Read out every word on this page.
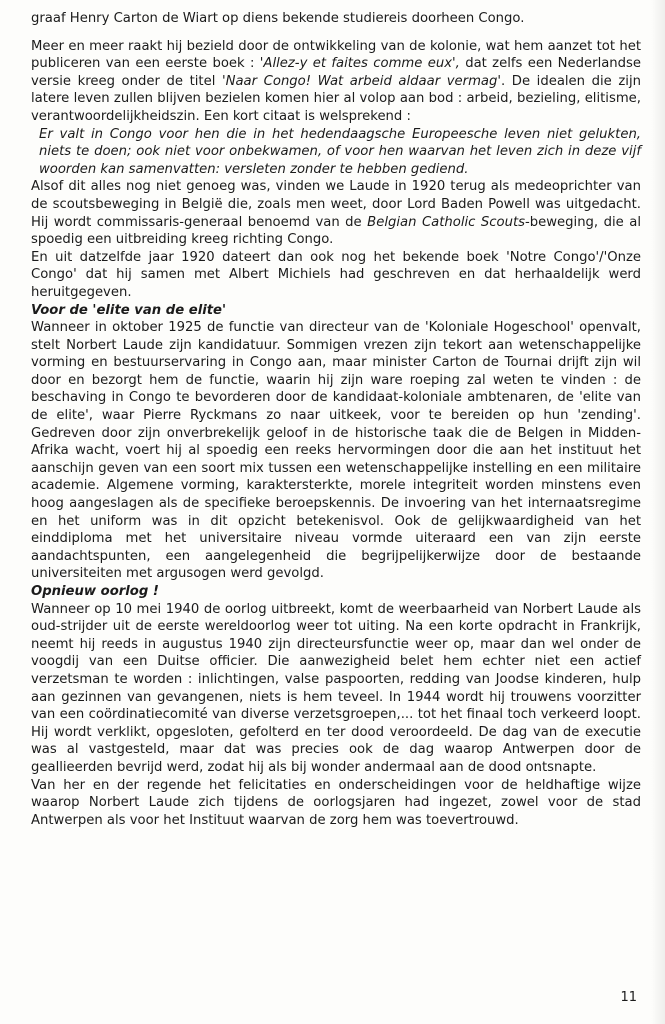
graaf Henry Carton de Wiart op diens bekende studiereis doorheen Congo.

Meer en meer raakt hij bezield door de ontwikkeling van de kolonie, wat hem aanzet tot het publiceren van een eerste boek : 'Allez-y et faites comme eux', dat zelfs een Nederlandse versie kreeg onder de titel 'Naar Congo! Wat arbeid aldaar vermag'. De idealen die zijn latere leven zullen blijven bezielen komen hier al volop aan bod : arbeid, bezieling, elitisme, verantwoordelijkheidszin. Een kort citaat is welsprekend :

Er valt in Congo voor hen die in het hedendaagsche Europeesche leven niet gelukten, niets te doen; ook niet voor onbekwamen, of voor hen waarvan het leven zich in deze vijf woorden kan samenvatten: versleten zonder te hebben gediend.

Alsof dit alles nog niet genoeg was, vinden we Laude in 1920 terug als medeoprichter van de scoutsbeweging in België die, zoals men weet, door Lord Baden Powell was uitgedacht. Hij wordt commissaris-generaal benoemd van de Belgian Catholic Scouts-beweging, die al spoedig een uitbreiding kreeg richting Congo.

En uit datzelfde jaar 1920 dateert dan ook nog het bekende boek 'Notre Congo'/'Onze Congo' dat hij samen met Albert Michiels had geschreven en dat herhaaldelijk werd heruitgegeven.

Voor de 'elite van de elite'

Wanneer in oktober 1925 de functie van directeur van de 'Koloniale Hogeschool' openvalt, stelt Norbert Laude zijn kandidatuur. Sommigen vrezen zijn tekort aan wetenschappelijke vorming en bestuurservaring in Congo aan, maar minister Carton de Tournai drijft zijn wil door en bezorgt hem de functie, waarin hij zijn ware roeping zal weten te vinden : de beschaving in Congo te bevorderen door de kandidaat-koloniale ambtenaren, de 'elite van de elite', waar Pierre Ryckmans zo naar uitkeek, voor te bereiden op hun 'zending'. Gedreven door zijn onverbrekelijk geloof in de historische taak die de Belgen in Midden-Afrika wacht, voert hij al spoedig een reeks hervormingen door die aan het instituut het aanschijn geven van een soort mix tussen een wetenschappelijke instelling en een militaire academie. Algemene vorming, karaktersterkte, morele integriteit worden minstens even hoog aangeslagen als de specifieke beroepskennis. De invoering van het internaatsregime en het uniform was in dit opzicht betekenisvol. Ook de gelijkwaardigheid van het einddiploma met het universitaire niveau vormde uiteraard een van zijn eerste aandachtspunten, een aangelegenheid die begrijpelijkerwijze door de bestaande universiteiten met argusogen werd gevolgd.

Opnieuw oorlog !

Wanneer op 10 mei 1940 de oorlog uitbreekt, komt de weerbaarheid van Norbert Laude als oud-strijder uit de eerste wereldoorlog weer tot uiting. Na een korte opdracht in Frankrijk, neemt hij reeds in augustus 1940 zijn directeursfunctie weer op, maar dan wel onder de voogdij van een Duitse officier. Die aanwezigheid belet hem echter niet een actief verzetsman te worden : inlichtingen, valse paspoorten, redding van Joodse kinderen, hulp aan gezinnen van gevangenen, niets is hem teveel. In 1944 wordt hij trouwens voorzitter van een coördinatiecomité van diverse verzetsgroepen,... tot het finaal toch verkeerd loopt. Hij wordt verklikt, opgesloten, gefolterd en ter dood veroordeeld. De dag van de executie was al vastgesteld, maar dat was precies ook de dag waarop Antwerpen door de geallieerden bevrijd werd, zodat hij als bij wonder andermaal aan de dood ontsnapte.

Van her en der regende het felicitaties en onderscheidingen voor de heldhaftige wijze waarop Norbert Laude zich tijdens de oorlogsjaren had ingezet, zowel voor de stad Antwerpen als voor het Instituut waarvan de zorg hem was toevertrouwd.

11
